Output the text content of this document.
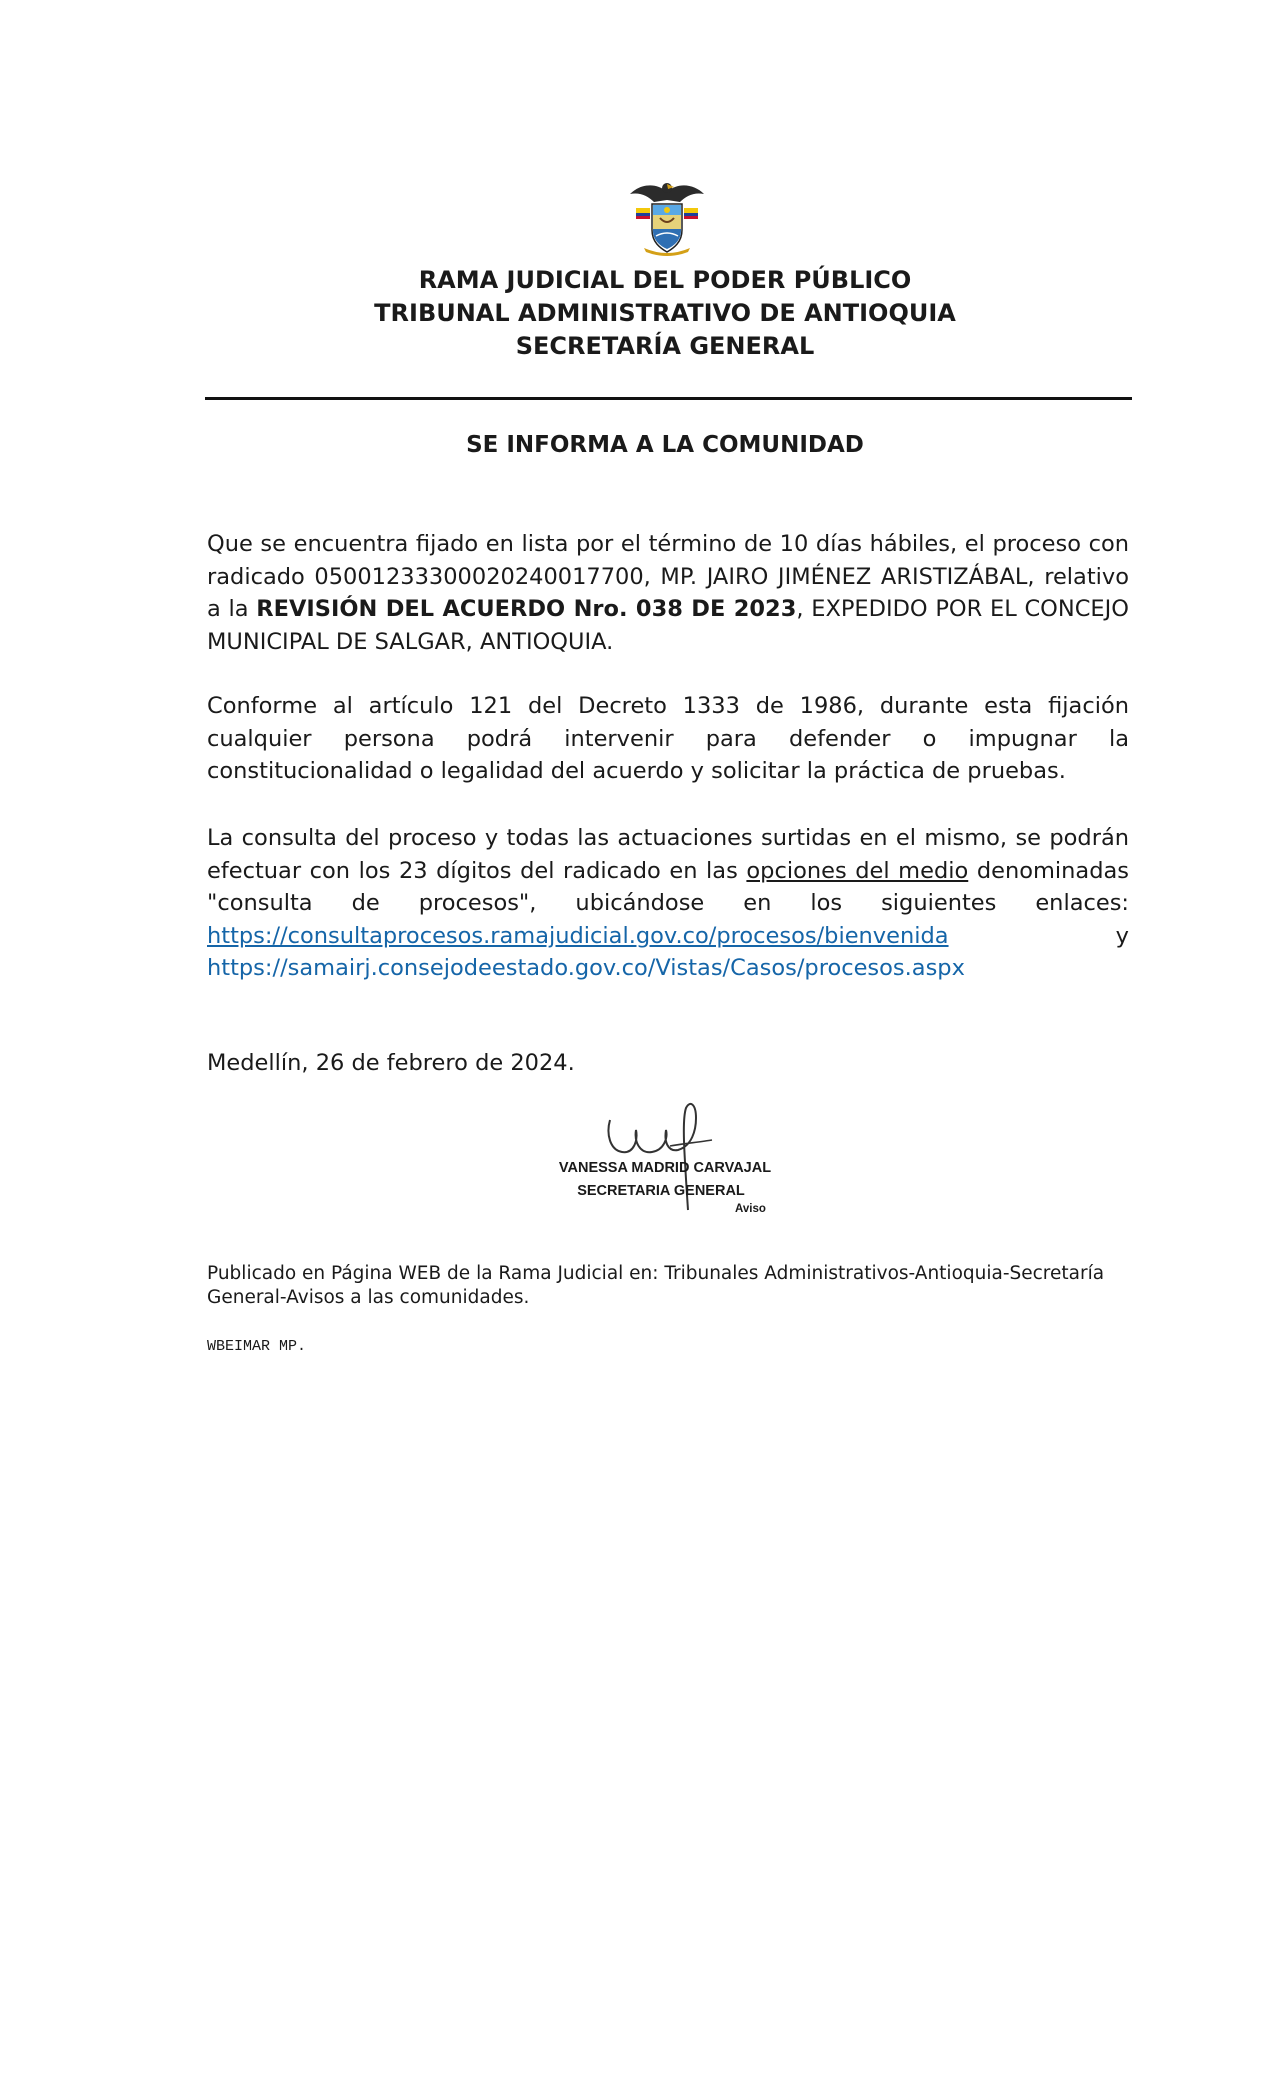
RAMA JUDICIAL DEL PODER PÚBLICO
TRIBUNAL ADMINISTRATIVO DE ANTIOQUIA
SECRETARÍA GENERAL
SE INFORMA A LA COMUNIDAD

Que se encuentra fijado en lista por el término de 10 días hábiles, el proceso con radicado 05001233300020240017700, MP. JAIRO JIMÉNEZ ARISTIZÁBAL, relativo a la REVISIÓN DEL ACUERDO Nro. 038 DE 2023, EXPEDIDO POR EL CONCEJO MUNICIPAL DE SALGAR, ANTIOQUIA.

Conforme al artículo 121 del Decreto 1333 de 1986, durante esta fijación cualquier persona podrá intervenir para defender o impugnar la constitucionalidad o legalidad del acuerdo y solicitar la práctica de pruebas.

La consulta del proceso y todas las actuaciones surtidas en el mismo, se podrán efectuar con los 23 dígitos del radicado en las opciones del medio denominadas "consulta de procesos", ubicándose en los siguientes enlaces: https://consultaprocesos.ramajudicial.gov.co/procesos/bienvenida y https://samairj.consejodeestado.gov.co/Vistas/Casos/procesos.aspx

Medellín, 26 de febrero de 2024.
VANESSA MADRID CARVAJAL
SECRETARIA GENERAL
Aviso

Publicado en Página WEB de la Rama Judicial en: Tribunales Administrativos-Antioquia-Secretaría General-Avisos a las comunidades.

WBEIMAR MP.
